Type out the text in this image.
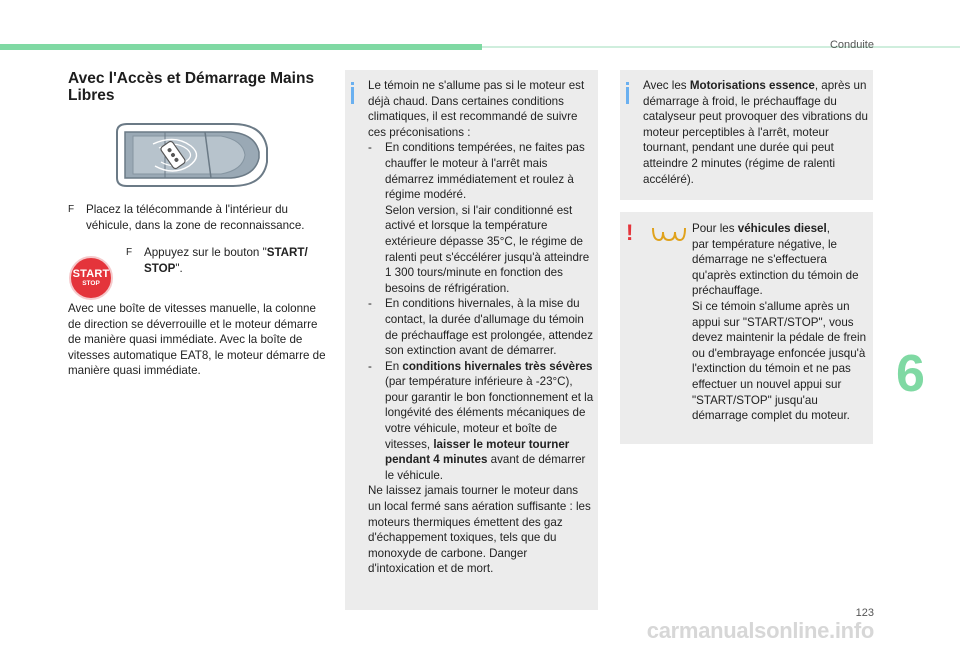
Conduite
Avec l'Accès et Démarrage Mains Libres
F	Placez la télécommande à l'intérieur du véhicule, dans la zone de reconnaissance.
START
STOP
F	Appuyez sur le bouton "START/ STOP".
Avec une boîte de vitesses manuelle, la colonne de direction se déverrouille et le moteur démarre de manière quasi immédiate. Avec la boîte de vitesses automatique EAT8, le moteur démarre de manière quasi immédiate.
Le témoin ne s'allume pas si le moteur est déjà chaud. Dans certaines conditions climatiques, il est recommandé de suivre ces préconisations :
-	En conditions tempérées, ne faites pas chauffer le moteur à l'arrêt mais démarrez immédiatement et roulez à régime modéré.
Selon version, si l'air conditionné est activé et lorsque la température extérieure dépasse 35°C, le régime de ralenti peut s'éccélérer jusqu'à atteindre 1 300 tours/minute en fonction des besoins de réfrigération.
-	En conditions hivernales, à la mise du contact, la durée d'allumage du témoin de préchauffage est prolongée, attendez son extinction avant de démarrer.
-	En conditions hivernales très sévères (par température inférieure à -23°C), pour garantir le bon fonctionnement et la longévité des éléments mécaniques de votre véhicule, moteur et boîte de vitesses, laisser le moteur tourner pendant 4 minutes avant de démarrer le véhicule.
Ne laissez jamais tourner le moteur dans un local fermé sans aération suffisante : les moteurs thermiques émettent des gaz d'échappement toxiques, tels que du monoxyde de carbone. Danger d'intoxication et de mort.
Avec les Motorisations essence, après un démarrage à froid, le préchauffage du catalyseur peut provoquer des vibrations du moteur perceptibles à l'arrêt, moteur tournant, pendant une durée qui peut atteindre 2 minutes (régime de ralenti accéléré).
!	Pour les véhicules diesel,
par température négative, le démarrage ne s'effectuera qu'après extinction du témoin de préchauffage.
Si ce témoin s'allume après un appui sur "START/STOP", vous devez maintenir la pédale de frein ou d'embrayage enfoncée jusqu'à l'extinction du témoin et ne pas effectuer un nouvel appui sur "START/STOP" jusqu'au démarrage complet du moteur.
6
123
carmanualsonline.info
